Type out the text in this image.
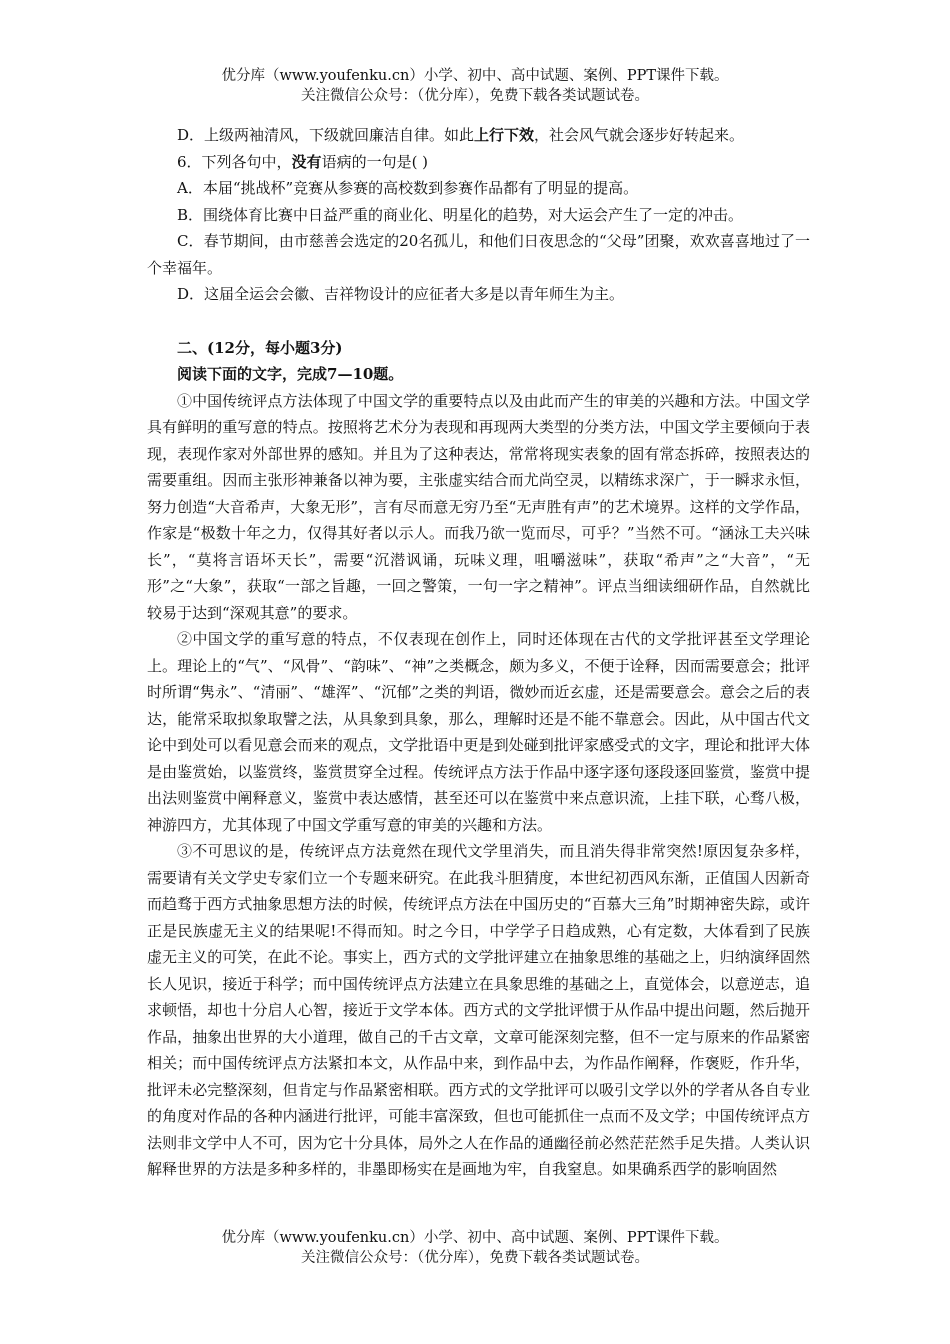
优分库（www.youfenku.cn）小学、初中、高中试题、案例、PPT课件下载。
关注微信公众号：（优分库），免费下载各类试题试卷。

D．上级两袖清风，下级就回廉洁自律。如此上行下效，社会风气就会逐步好转起来。

6．下列各句中，没有语病的一句是( )

A．本届“挑战杯”竞赛从参赛的高校数到参赛作品都有了明显的提高。

B．围绕体育比赛中日益严重的商业化、明星化的趋势，对大运会产生了一定的冲击。

C．春节期间，由市慈善会选定的20名孤儿，和他们日夜思念的“父母”团聚，欢欢喜喜地过了一个幸福年。

D．这届全运会会徽、吉祥物设计的应征者大多是以青年师生为主。

二、(12分，每小题3分)

阅读下面的文字，完成7—10题。

①中国传统评点方法体现了中国文学的重要特点以及由此而产生的审美的兴趣和方法。中国文学具有鲜明的重写意的特点。按照将艺术分为表现和再现两大类型的分类方法，中国文学主要倾向于表现，表现作家对外部世界的感知。并且为了这种表达，常常将现实表象的固有常态拆碎，按照表达的需要重组。因而主张形神兼备以神为要，主张虚实结合而尤尚空灵，以精练求深广，于一瞬求永恒，努力创造“大音希声，大象无形”，言有尽而意无穷乃至“无声胜有声”的艺术境界。这样的文学作品，作家是“极数十年之力，仅得其好者以示人。而我乃欲一览而尽，可乎？”当然不可。“涵泳工夫兴味长”，“莫将言语坏天长”，需要“沉潜讽诵，玩味义理，咀嚼滋味”，获取“希声”之“大音”，“无形”之“大象”，获取“一部之旨趣，一回之警策，一句一字之精神”。评点当细读细研作品，自然就比较易于达到“深观其意”的要求。

②中国文学的重写意的特点，不仅表现在创作上，同时还体现在古代的文学批评甚至文学理论上。理论上的“气”、“风骨”、“韵味”、“神”之类概念，颇为多义，不便于诠释，因而需要意会；批评时所谓“隽永”、“清丽”、“雄浑”、“沉郁”之类的判语，微妙而近玄虚，还是需要意会。意会之后的表达，能常采取拟象取譬之法，从具象到具象，那么，理解时还是不能不靠意会。因此，从中国古代文论中到处可以看见意会而来的观点，文学批语中更是到处碰到批评家感受式的文字，理论和批评大体是由鉴赏始，以鉴赏终，鉴赏贯穿全过程。传统评点方法于作品中逐字逐句逐段逐回鉴赏，鉴赏中提出法则鉴赏中阐释意义，鉴赏中表达感情，甚至还可以在鉴赏中来点意识流，上挂下联，心骛八极，神游四方，尤其体现了中国文学重写意的审美的兴趣和方法。

③不可思议的是，传统评点方法竟然在现代文学里消失，而且消失得非常突然!原因复杂多样，需要请有关文学史专家们立一个专题来研究。在此我斗胆猜度，本世纪初西风东渐，正值国人因新奇而趋骛于西方式抽象思想方法的时候，传统评点方法在中国历史的“百慕大三角”时期神密失踪，或许正是民族虚无主义的结果呢!不得而知。时之今日，中学学子日趋成熟，心有定数，大体看到了民族虚无主义的可笑，在此不论。事实上，西方式的文学批评建立在抽象思维的基础之上，归纳演绎固然长人见识，接近于科学；而中国传统评点方法建立在具象思维的基础之上，直觉体会，以意逆志，追求顿悟，却也十分启人心智，接近于文学本体。西方式的文学批评惯于从作品中提出问题，然后抛开作品，抽象出世界的大小道理，做自己的千古文章，文章可能深刻完整，但不一定与原来的作品紧密相关；而中国传统评点方法紧扣本文，从作品中来，到作品中去，为作品作阐释，作褒贬，作升华，批评未必完整深刻，但肯定与作品紧密相联。西方式的文学批评可以吸引文学以外的学者从各自专业的角度对作品的各种内涵进行批评，可能丰富深致，但也可能抓住一点而不及文学；中国传统评点方法则非文学中人不可，因为它十分具体，局外之人在作品的通幽径前必然茫茫然手足失措。人类认识解释世界的方法是多种多样的，非墨即杨实在是画地为牢，自我窒息。如果确系西学的影响固然

优分库（www.youfenku.cn）小学、初中、高中试题、案例、PPT课件下载。
关注微信公众号：（优分库），免费下载各类试题试卷。
